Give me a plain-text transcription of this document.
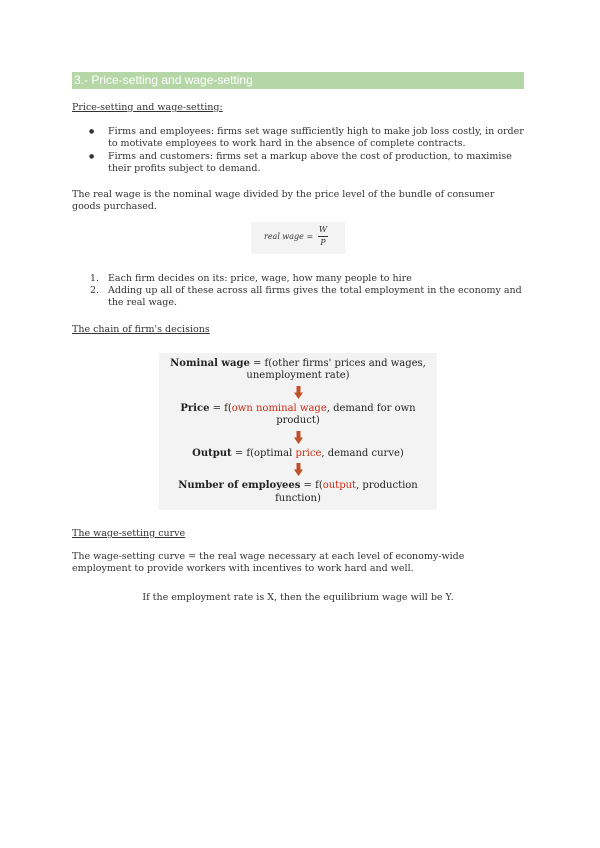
3.- Price-setting and wage-setting

Price-setting and wage-setting:

● Firms and employees: firms set wage sufficiently high to make job loss costly, in order to motivate employees to work hard in the absence of complete contracts.
● Firms and customers: firms set a markup above the cost of production, to maximise their profits subject to demand.

The real wage is the nominal wage divided by the price level of the bundle of consumer goods purchased.

real wage =
W
P
1. Each firm decides on its: price, wage, how many people to hire
2. Adding up all of these across all firms gives the total employment in the economy and the real wage.

The chain of firm's decisions

Nominal wage = f(other firms' prices and wages, unemployment rate)

Price = f(own nominal wage, demand for own product)

Output = f(optimal price, demand curve)

Number of employees = f(output, production function)

The wage-setting curve

The wage-setting curve = the real wage necessary at each level of economy-wide employment to provide workers with incentives to work hard and well.

If the employment rate is X, then the equilibrium wage will be Y.
